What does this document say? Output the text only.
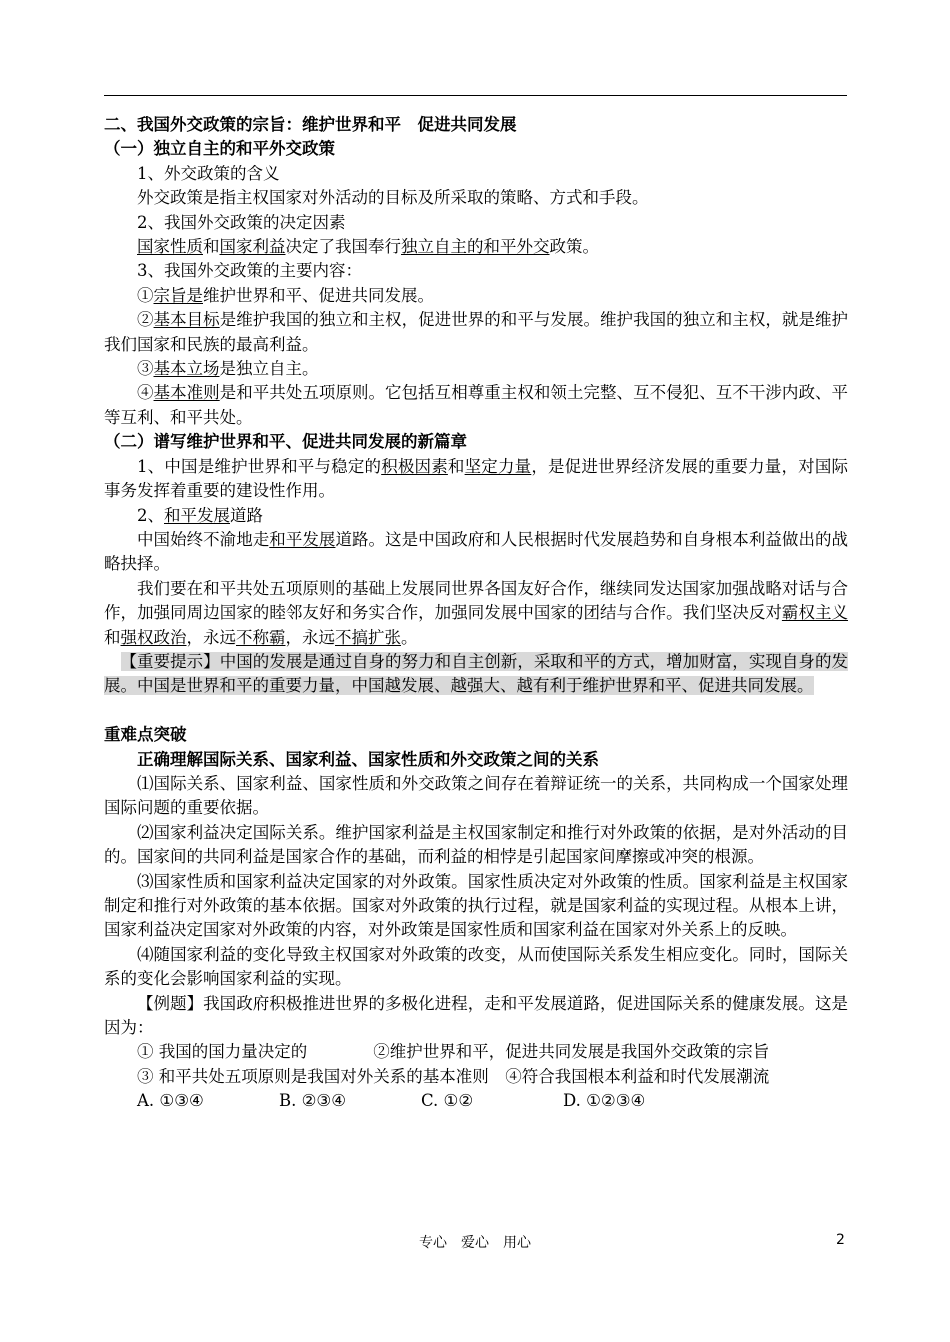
二、我国外交政策的宗旨：维护世界和平　促进共同发展

（一）独立自主的和平外交政策

1、外交政策的含义

外交政策是指主权国家对外活动的目标及所采取的策略、方式和手段。

2、我国外交政策的决定因素

国家性质和国家利益决定了我国奉行独立自主的和平外交政策。

3、我国外交政策的主要内容：

①宗旨是维护世界和平、促进共同发展。

②基本目标是维护我国的独立和主权，促进世界的和平与发展。维护我国的独立和主权，就是维护我们国家和民族的最高利益。

③基本立场是独立自主。

④基本准则是和平共处五项原则。它包括互相尊重主权和领土完整、互不侵犯、互不干涉内政、平等互利、和平共处。

（二）谱写维护世界和平、促进共同发展的新篇章

1、中国是维护世界和平与稳定的积极因素和坚定力量，是促进世界经济发展的重要力量，对国际事务发挥着重要的建设性作用。

2、和平发展道路

中国始终不渝地走和平发展道路。这是中国政府和人民根据时代发展趋势和自身根本利益做出的战略抉择。

我们要在和平共处五项原则的基础上发展同世界各国友好合作，继续同发达国家加强战略对话与合作，加强同周边国家的睦邻友好和务实合作，加强同发展中国家的团结与合作。我们坚决反对霸权主义和强权政治，永远不称霸，永远不搞扩张。

【重要提示】中国的发展是通过自身的努力和自主创新，采取和平的方式，增加财富，实现自身的发展。中国是世界和平的重要力量，中国越发展、越强大、越有利于维护世界和平、促进共同发展。

重难点突破

正确理解国际关系、国家利益、国家性质和外交政策之间的关系

⑴国际关系、国家利益、国家性质和外交政策之间存在着辩证统一的关系，共同构成一个国家处理国际问题的重要依据。

⑵国家利益决定国际关系。维护国家利益是主权国家制定和推行对外政策的依据，是对外活动的目的。国家间的共同利益是国家合作的基础，而利益的相悖是引起国家间摩擦或冲突的根源。

⑶国家性质和国家利益决定国家的对外政策。国家性质决定对外政策的性质。国家利益是主权国家制定和推行对外政策的基本依据。国家对外政策的执行过程，就是国家利益的实现过程。从根本上讲，国家利益决定国家对外政策的内容，对外政策是国家性质和国家利益在国家对外关系上的反映。

⑷随国家利益的变化导致主权国家对外政策的改变，从而使国际关系发生相应变化。同时，国际关系的变化会影响国家利益的实现。

【例题】我国政府积极推进世界的多极化进程，走和平发展道路，促进国际关系的健康发展。这是因为：

① 我国的国力量决定的　　　　②维护世界和平，促进共同发展是我国外交政策的宗旨

③ 和平共处五项原则是我国对外关系的基本准则　④符合我国根本利益和时代发展潮流

A. ①③④	B. ②③④	C. ①②	D. ①②③④
专心　爱心　用心	2
